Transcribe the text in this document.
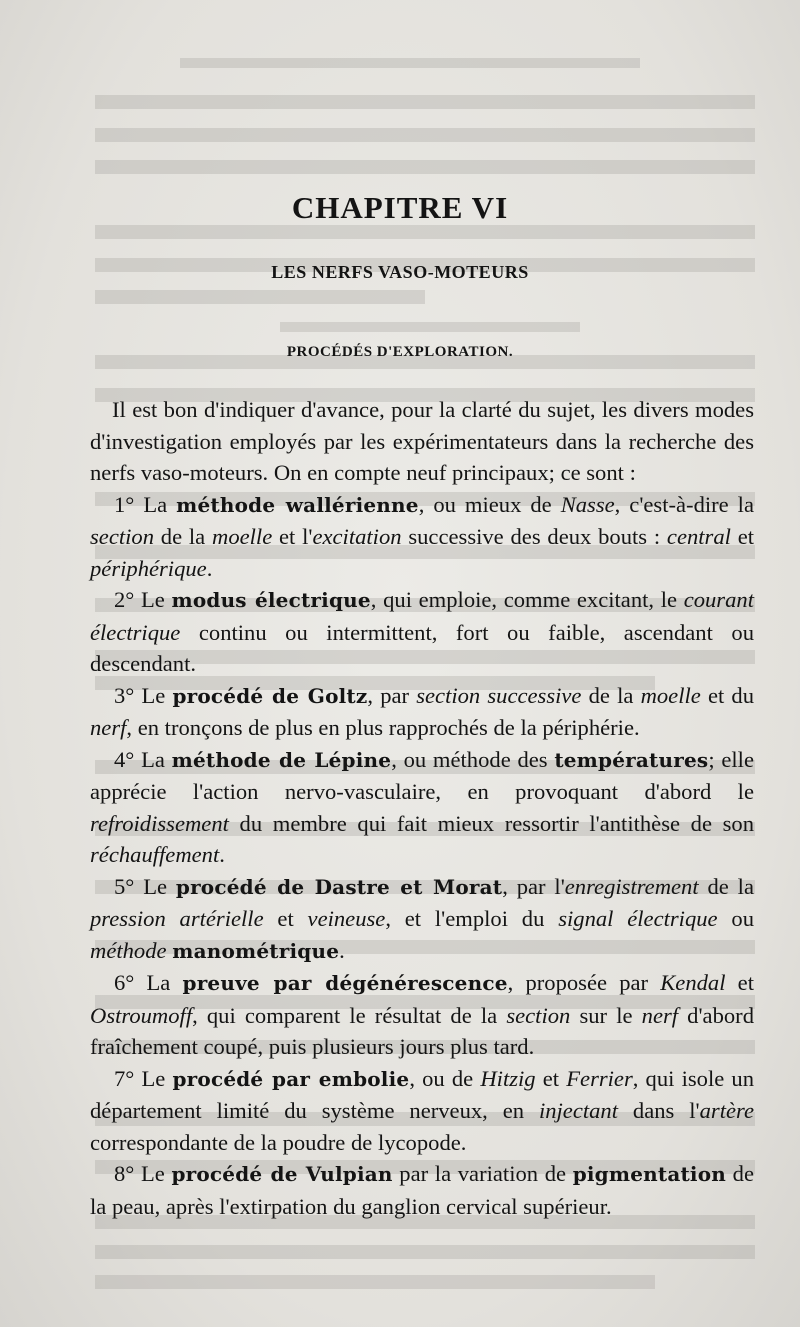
CHAPITRE VI
LES NERFS VASO-MOTEURS
PROCÉDÉS D'EXPLORATION.

Il est bon d'indiquer d'avance, pour la clarté du sujet, les divers modes d'investigation employés par les expérimentateurs dans la recherche des nerfs vaso-moteurs. On en compte neuf principaux; ce sont :

1° La méthode wallérienne, ou mieux de Nasse, c'est-à-dire la section de la moelle et l'excitation successive des deux bouts : central et périphérique.

2° Le modus électrique, qui emploie, comme excitant, le courant électrique continu ou intermittent, fort ou faible, ascendant ou descendant.

3° Le procédé de Goltz, par section successive de la moelle et du nerf, en tronçons de plus en plus rapprochés de la périphérie.

4° La méthode de Lépine, ou méthode des températures; elle apprécie l'action nervo-vasculaire, en provoquant d'abord le refroidissement du membre qui fait mieux ressortir l'antithèse de son réchauffement.

5° Le procédé de Dastre et Morat, par l'enregistrement de la pression artérielle et veineuse, et l'emploi du signal électrique ou méthode manométrique.

6° La preuve par dégénérescence, proposée par Kendal et Ostroumoff, qui comparent le résultat de la section sur le nerf d'abord fraîchement coupé, puis plusieurs jours plus tard.

7° Le procédé par embolie, ou de Hitzig et Ferrier, qui isole un département limité du système nerveux, en injectant dans l'artère correspondante de la poudre de lycopode.

8° Le procédé de Vulpian par la variation de pigmentation de la peau, après l'extirpation du ganglion cervical supérieur.
